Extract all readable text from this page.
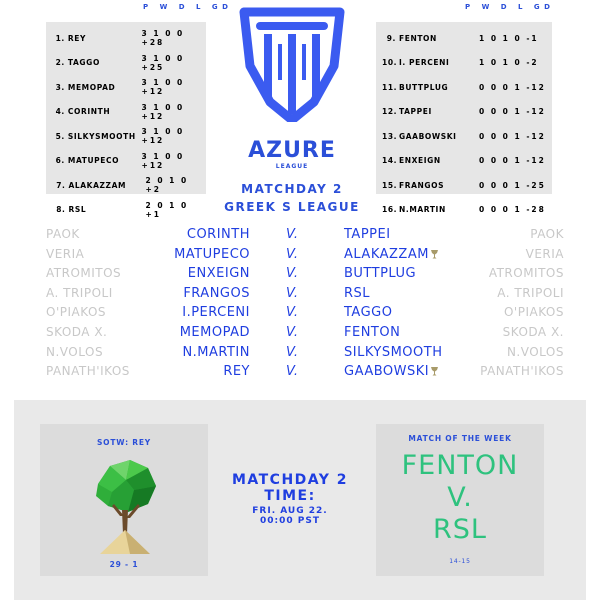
P W D L GD	P W D L GD
1. REY	3 1 0 0 +28
2. TAGGO	3 1 0 0 +25
3. MEMOPAD	3 1 0 0 +12
4. CORINTH	3 1 0 0 +12
5. SILKYSMOOTH 3 1 0 0 +12
6. MATUPECO	3 1 0 0 +12
7. ALAKAZZAM	2 0 1 0 +2
8. RSL	2 0 1 0 +1
9. FENTON	1 0 1 0 -1
10. I. PERCENI	1 0 1 0 -2
11. BUTTPLUG	0 0 0 1 -12
12. TAPPEI	0 0 0 1 -12
13. GAABOWSKI	0 0 0 1 -12
14. ENXEIGN	0 0 0 1 -12
15. FRANGOS	0 0 0 1 -25
16. N.MARTIN	0 0 0 1 -28
AZURE
LEAGUE
MATCHDAY 2
GREEK S LEAGUE
PAOK	CORINTH	V.	TAPPEI	PAOK
VERIA	MATUPECO	V.	ALAKAZZAM	VERIA
ATROMITOS	ENXEIGN	V.	BUTTPLUG	ATROMITOS
A. TRIPOLI	FRANGOS	V.	RSL	A. TRIPOLI
O'PIAKOS	I.PERCENI	V.	TAGGO	O'PIAKOS
SKODA X.	MEMOPAD	V.	FENTON	SKODA X.
N.VOLOS	N.MARTIN	V.	SILKYSMOOTH	N.VOLOS
PANATH'IKOS	REY	V.	GAABOWSKI	PANATH'IKOS
SOTW: REY
29 - 1
MATCHDAY 2
TIME:
FRI. AUG 22.
00:00 PST
MATCH OF THE WEEK
FENTON
V.
RSL
14-15
